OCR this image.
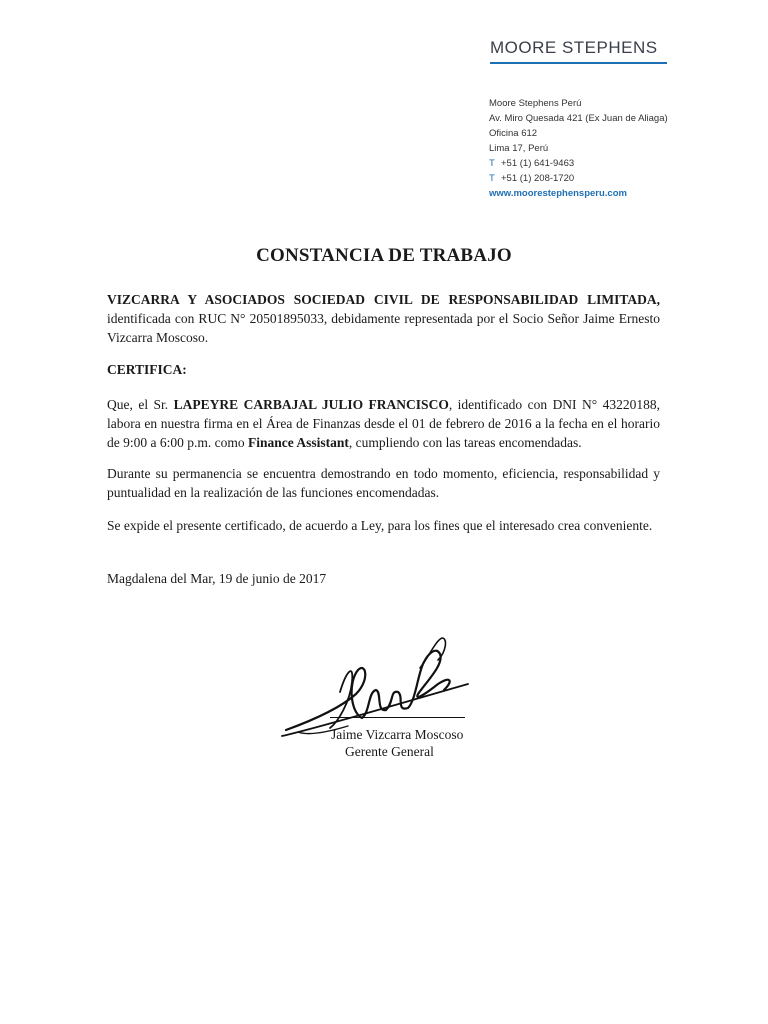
MOORE STEPHENS
Moore Stephens Perú
Av. Miro Quesada 421 (Ex Juan de Aliaga)
Oficina 612
Lima 17, Perú
T +51 (1) 641-9463
T +51 (1) 208-1720
www.moorestephensperu.com
CONSTANCIA DE TRABAJO
VIZCARRA Y ASOCIADOS SOCIEDAD CIVIL DE RESPONSABILIDAD LIMITADA, identificada con RUC N° 20501895033, debidamente representada por el Socio Señor Jaime Ernesto Vizcarra Moscoso.
CERTIFICA:
Que, el Sr. LAPEYRE CARBAJAL JULIO FRANCISCO, identificado con DNI N° 43220188, labora en nuestra firma en el Área de Finanzas desde el 01 de febrero de 2016 a la fecha en el horario de 9:00 a 6:00 p.m. como Finance Assistant, cumpliendo con las tareas encomendadas.
Durante su permanencia se encuentra demostrando en todo momento, eficiencia, responsabilidad y puntualidad en la realización de las funciones encomendadas.
Se expide el presente certificado, de acuerdo a Ley, para los fines que el interesado crea conveniente.
Magdalena del Mar, 19 de junio de 2017
Jaime Vizcarra Moscoso
Gerente General
